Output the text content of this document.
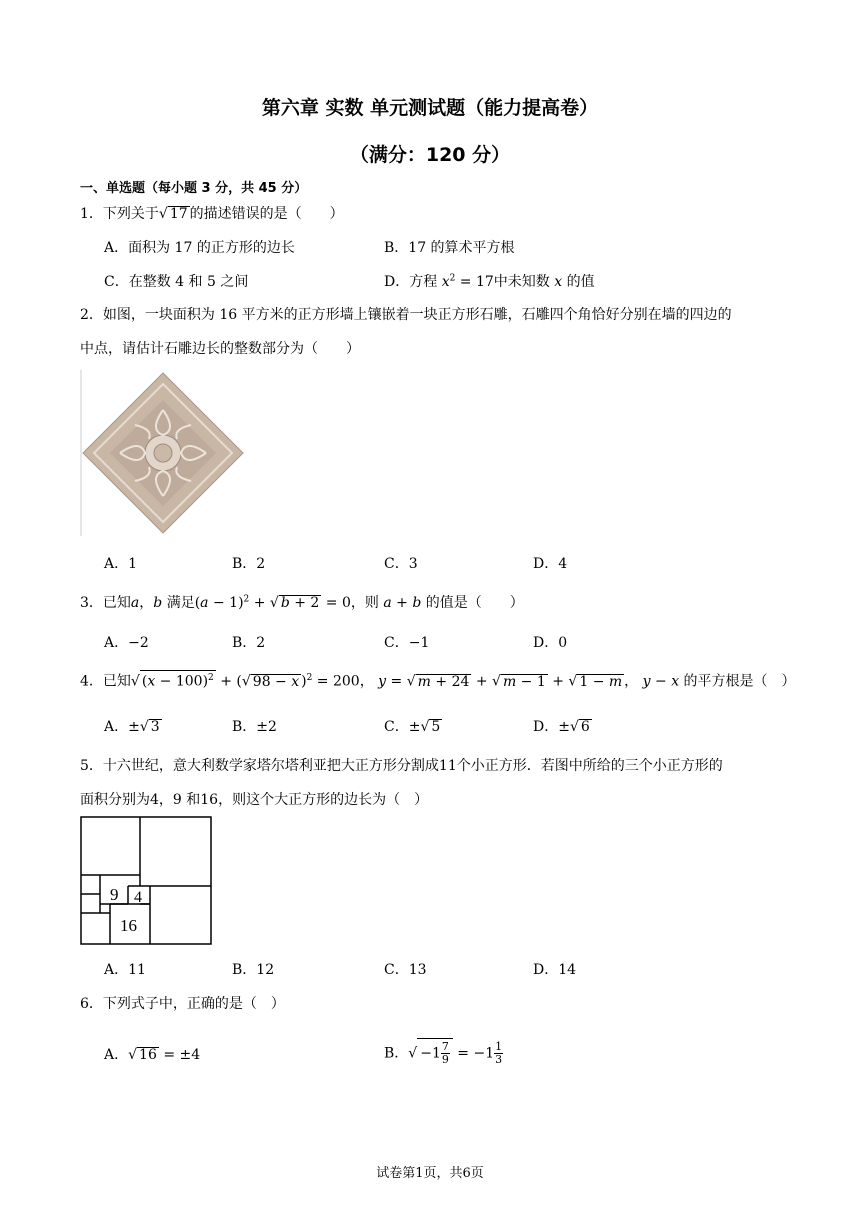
第六章 实数 单元测试题（能力提高卷）
（满分：120 分）
一、单选题（每小题 3 分，共 45 分）
1．下列关于√ 17 的描述错误的是（　　）
A．面积为 17 的正方形的边长	B．17 的算术平方根
C．在整数 4 和 5 之间	D．方程 $x^2 = 17$中未知数 x 的值
2．如图，一块面积为 16 平方米的正方形墙上镶嵌着一块正方形石雕，石雕四个角恰好分别在墙的四边的
中点，请估计石雕边长的整数部分为（　　）
A．1	B．2	C．3	D．4
3．已知a，b 满足$(a - 1)^2$ + √ b + 2 = 0，则 a + b 的值是（　　）
A．−2	B．2	C．−1	D．0
4．已知√ $(x - 100)^2$ + (√ 98 − x )$^2$ = 200， y = √ m + 24 + √ m − 1 + √ 1 − m ， y − x 的平方根是（　）
A．±√ 3	B．±2	C．±√ 5	D．±√ 6
5．十六世纪，意大利数学家塔尔塔利亚把大正方形分割成11个小正方形．若图中所给的三个小正方形的
面积分别为4，9 和16，则这个大正方形的边长为（　）
9 4
16
A．11	B．12	C．13	D．14
6．下列式子中，正确的是（　）
A．√ 16 = ±4	B．√ $-1 \frac{7}{9} = -1 \frac{1}{3}$
试卷第1页，共6页
